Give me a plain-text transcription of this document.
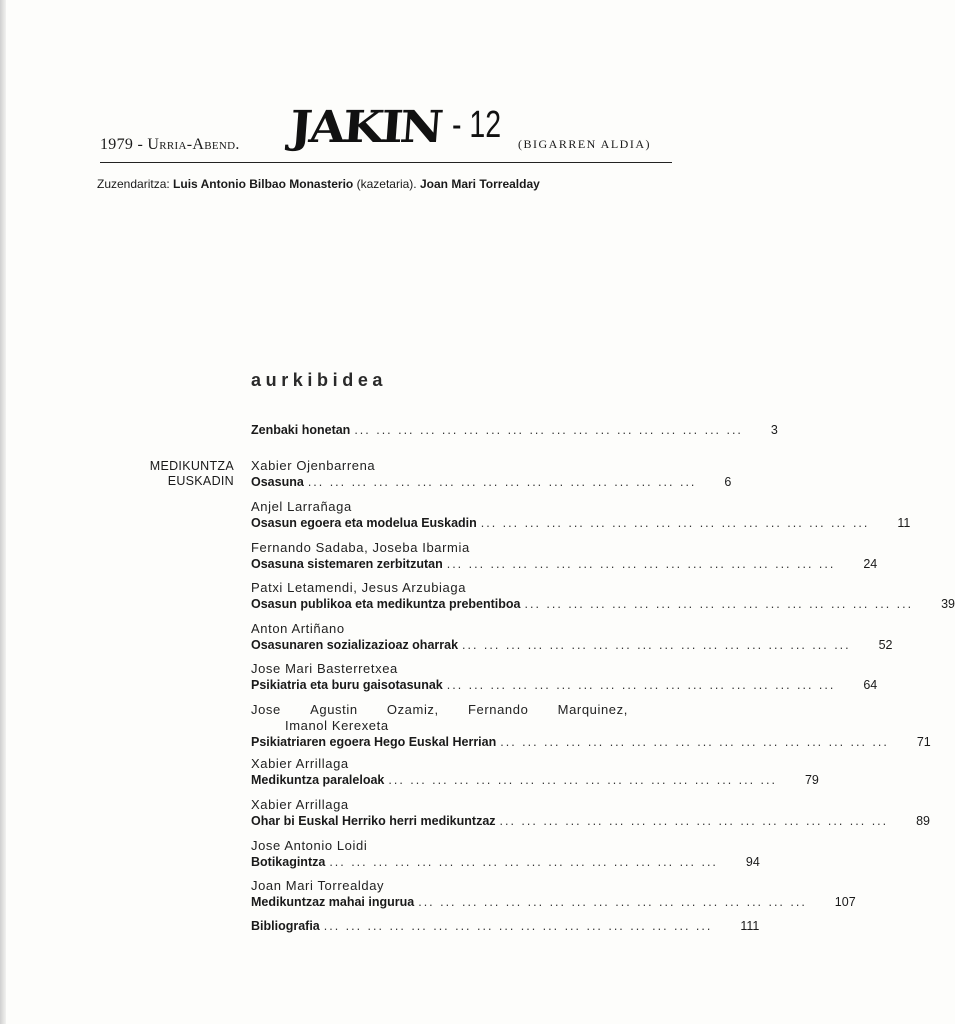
1979 - Urria-Abend. JAKIN - 12 (BIGARREN ALDIA)
Zuzendaritza: Luis Antonio Bilbao Monasterio (kazetaria). Joan Mari Torrealday
aurkibidea
MEDIKUNTZA
EUSKADIN
Zenbaki honetan ... ... ... ... ... ... ... ... ... ... ... ... ... ... ... ... ... ... 3
Xabier Ojenbarrena
Osasuna ... ... ... ... ... ... ... ... ... ... ... ... ... ... ... ... ... ... 6
Anjel Larrañaga
Osasun egoera eta modelua Euskadin ... ... ... ... ... ... ... ... ... ... ... ... ... ... ... ... ... ... 11
Fernando Sadaba, Joseba Ibarmia
Osasuna sistemaren zerbitzutan ... ... ... ... ... ... ... ... ... ... ... ... ... ... ... ... ... ... 24
Patxi Letamendi, Jesus Arzubiaga
Osasun publikoa eta medikuntza prebentiboa ... ... ... ... ... ... ... ... ... ... ... ... ... ... ... ... ... ... 39
Anton Artiñano
Osasunaren sozializazioaz oharrak ... ... ... ... ... ... ... ... ... ... ... ... ... ... ... ... ... ... 52
Jose Mari Basterretxea
Psikiatria eta buru gaisotasunak ... ... ... ... ... ... ... ... ... ... ... ... ... ... ... ... ... ... 64
Jose Agustin Ozamiz, Fernando Marquinez,
Imanol Kerexeta
Psikiatriaren egoera Hego Euskal Herrian ... ... ... ... ... ... ... ... ... ... ... ... ... ... ... ... ... ... 71
Xabier Arrillaga
Medikuntza paraleloak ... ... ... ... ... ... ... ... ... ... ... ... ... ... ... ... ... ... 79
Xabier Arrillaga
Ohar bi Euskal Herriko herri medikuntzaz ... ... ... ... ... ... ... ... ... ... ... ... ... ... ... ... ... ... 89
Jose Antonio Loidi
Botikagintza ... ... ... ... ... ... ... ... ... ... ... ... ... ... ... ... ... ... 94
Joan Mari Torrealday
Medikuntzaz mahai ingurua ... ... ... ... ... ... ... ... ... ... ... ... ... ... ... ... ... ... 107
Bibliografia ... ... ... ... ... ... ... ... ... ... ... ... ... ... ... ... ... ... 111
